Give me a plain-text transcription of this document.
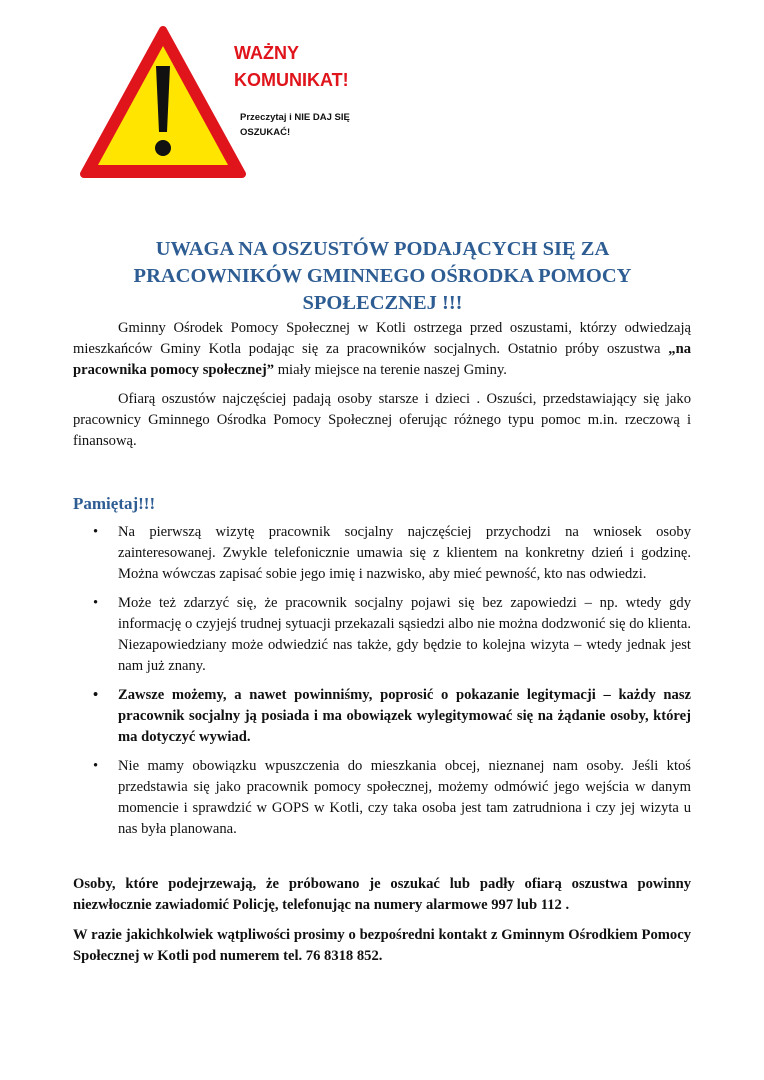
WAŻNY
KOMUNIKAT!
Przeczytaj i NIE DAJ SIĘ
OSZUKAĆ!
UWAGA NA OSZUSTÓW PODAJĄCYCH SIĘ ZA PRACOWNIKÓW GMINNEGO OŚRODKA POMOCY SPOŁECZNEJ !!!

Gminny Ośrodek Pomocy Społecznej w Kotli ostrzega przed oszustami, którzy odwiedzają mieszkańców Gminy Kotla podając się za pracowników socjalnych. Ostatnio próby oszustwa „na pracownika pomocy społecznej” miały miejsce na terenie naszej Gminy.

Ofiarą oszustów najczęściej padają osoby starsze i dzieci . Oszuści, przedstawiający się jako pracownicy Gminnego Ośrodka Pomocy Społecznej oferując różnego typu pomoc m.in. rzeczową i finansową.

Pamiętaj!!!
• Na pierwszą wizytę pracownik socjalny najczęściej przychodzi na wniosek osoby zainteresowanej. Zwykle telefonicznie umawia się z klientem na konkretny dzień i godzinę. Można wówczas zapisać sobie jego imię i nazwisko, aby mieć pewność, kto nas odwiedzi.
• Może też zdarzyć się, że pracownik socjalny pojawi się bez zapowiedzi – np. wtedy gdy informację o czyjejś trudnej sytuacji przekazali sąsiedzi albo nie można dodzwonić się do klienta. Niezapowiedziany może odwiedzić nas także, gdy będzie to kolejna wizyta – wtedy jednak jest nam już znany.
• Zawsze możemy, a nawet powinniśmy, poprosić o pokazanie legitymacji – każdy nasz pracownik socjalny ją posiada i ma obowiązek wylegitymować się na żądanie osoby, której ma dotyczyć wywiad.
• Nie mamy obowiązku wpuszczenia do mieszkania obcej, nieznanej nam osoby. Jeśli ktoś przedstawia się jako pracownik pomocy społecznej, możemy odmówić jego wejścia w danym momencie i sprawdzić w GOPS w Kotli, czy taka osoba jest tam zatrudniona i czy jej wizyta u nas była planowana.

Osoby, które podejrzewają, że próbowano je oszukać lub padły ofiarą oszustwa powinny niezwłocznie zawiadomić Policję, telefonując na numery alarmowe 997 lub 112 .

W razie jakichkolwiek wątpliwości prosimy o bezpośredni kontakt z Gminnym Ośrodkiem Pomocy Społecznej w Kotli pod numerem tel. 76 8318 852.
